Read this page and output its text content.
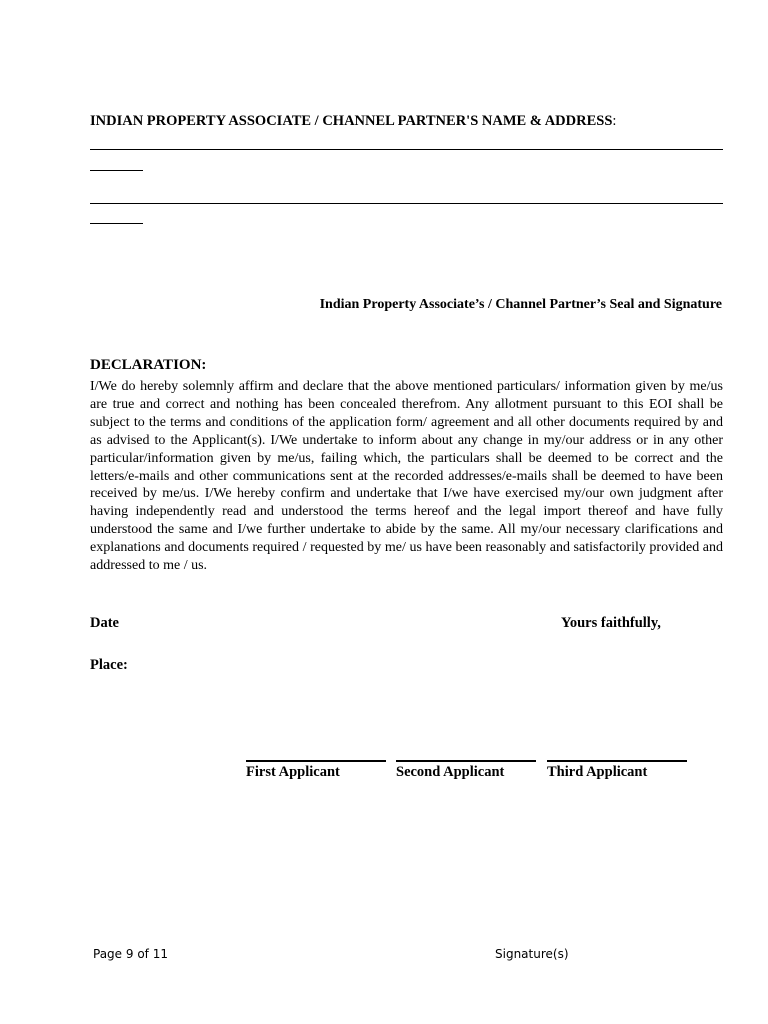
INDIAN PROPERTY ASSOCIATE / CHANNEL PARTNER'S NAME & ADDRESS:
Indian Property Associate’s / Channel Partner’s Seal and Signature
DECLARATION:

I/We do hereby solemnly affirm and declare that the above mentioned particulars/ information given by me/us are true and correct and nothing has been concealed therefrom. Any allotment pursuant to this EOI shall be subject to the terms and conditions of the application form/ agreement and all other documents required by and as advised to the Applicant(s). I/We undertake to inform about any change in my/our address or in any other particular/information given by me/us, failing which, the particulars shall be deemed to be correct and the letters/e-mails and other communications sent at the recorded addresses/e-mails shall be deemed to have been received by me/us. I/We hereby confirm and undertake that I/we have exercised my/our own judgment after having independently read and understood the terms hereof and the legal import thereof and have fully understood the same and I/we further undertake to abide by the same. All my/our necessary clarifications and explanations and documents required / requested by me/ us have been reasonably and satisfactorily provided and addressed to me / us.

Date	Yours faithfully,
Place:
First Applicant	Second Applicant	Third Applicant
Page 9 of 11	Signature(s)
